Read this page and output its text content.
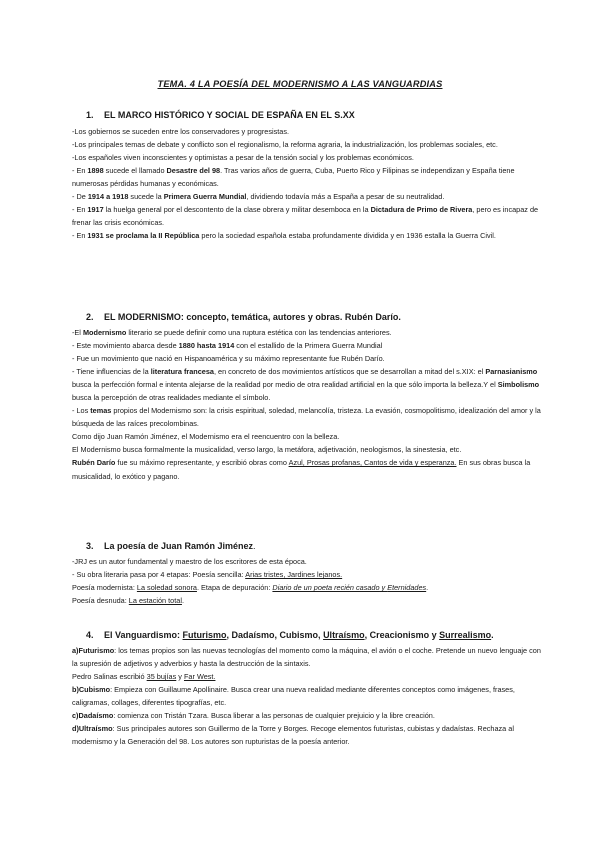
TEMA. 4 LA POESÍA DEL MODERNISMO A LAS VANGUARDIAS
1. EL MARCO HISTÓRICO Y SOCIAL DE ESPAÑA EN EL S.XX

-Los gobiernos se suceden entre los conservadores y progresistas.

-Los principales temas de debate y conflicto son el regionalismo, la reforma agraria, la industrialización, los problemas sociales, etc.

-Los españoles viven inconscientes y optimistas a pesar de la tensión social y los problemas económicos.

- En 1898 sucede el llamado Desastre del 98. Tras varios años de guerra, Cuba, Puerto Rico y Filipinas se independizan y España tiene numerosas pérdidas humanas y económicas.

- De 1914 a 1918 sucede la Primera Guerra Mundial, dividiendo todavía más a España a pesar de su neutralidad.

- En 1917 la huelga general por el descontento de la clase obrera y militar desemboca en la Dictadura de Primo de Rivera, pero es incapaz de frenar las crisis económicas.

- En 1931 se proclama la II República pero la sociedad española estaba profundamente dividida y en 1936 estalla la Guerra Civil.

2. EL MODERNISMO: concepto, temática, autores y obras. Rubén Darío.

-El Modernismo literario se puede definir como una ruptura estética con las tendencias anteriores.

- Este movimiento abarca desde 1880 hasta 1914 con el estallido de la Primera Guerra Mundial

- Fue un movimiento que nació en Hispanoamérica y su máximo representante fue Rubén Darío.

- Tiene influencias de la literatura francesa, en concreto de dos movimientos artísticos que se desarrollan a mitad del s.XIX: el Parnasianismo busca la perfección formal e intenta alejarse de la realidad por medio de otra realidad artificial en la que sólo importa la belleza.Y el Simbolismo busca la percepción de otras realidades mediante el símbolo.

- Los temas propios del Modernismo son: la crisis espiritual, soledad, melancolía, tristeza. La evasión, cosmopolitismo, idealización del amor y la búsqueda de las raíces precolombinas.

Como dijo Juan Ramón Jiménez, el Modernismo era el reencuentro con la belleza.

El Modernismo busca formalmente la musicalidad, verso largo, la metáfora, adjetivación, neologismos, la sinestesia, etc.

Rubén Darío fue su máximo representante, y escribió obras como Azul, Prosas profanas, Cantos de vida y esperanza. En sus obras busca la musicalidad, lo exótico y pagano.

3. La poesía de Juan Ramón Jiménez.

-JRJ es un autor fundamental y maestro de los escritores de esta época.

- Su obra literaria pasa por 4 etapas: Poesía sencilla: Arias tristes, Jardines lejanos.

Poesía modernista: La soledad sonora. Etapa de depuración: Diario de un poeta recién casado y Eternidades.

Poesía desnuda: La estación total.

4. El Vanguardismo: Futurismo, Dadaísmo, Cubismo, Ultraísmo, Creacionismo y Surrealismo.

a)Futurismo: los temas propios son las nuevas tecnologías del momento como la máquina, el avión o el coche. Pretende un nuevo lenguaje con la supresión de adjetivos y adverbios y hasta la destrucción de la sintaxis.

Pedro Salinas escribió 35 bujías y Far West.

b)Cubismo: Empieza con Guillaume Apollinaire. Busca crear una nueva realidad mediante diferentes conceptos como imágenes, frases, caligramas, collages, diferentes tipografías, etc.

c)Dadaísmo: comienza con Tristán Tzara. Busca liberar a las personas de cualquier prejuicio y la libre creación.

d)Ultraísmo: Sus principales autores son Guillermo de la Torre y Borges. Recoge elementos futuristas, cubistas y dadaístas. Rechaza al modernismo y la Generación del 98. Los autores son rupturistas de la poesía anterior.
